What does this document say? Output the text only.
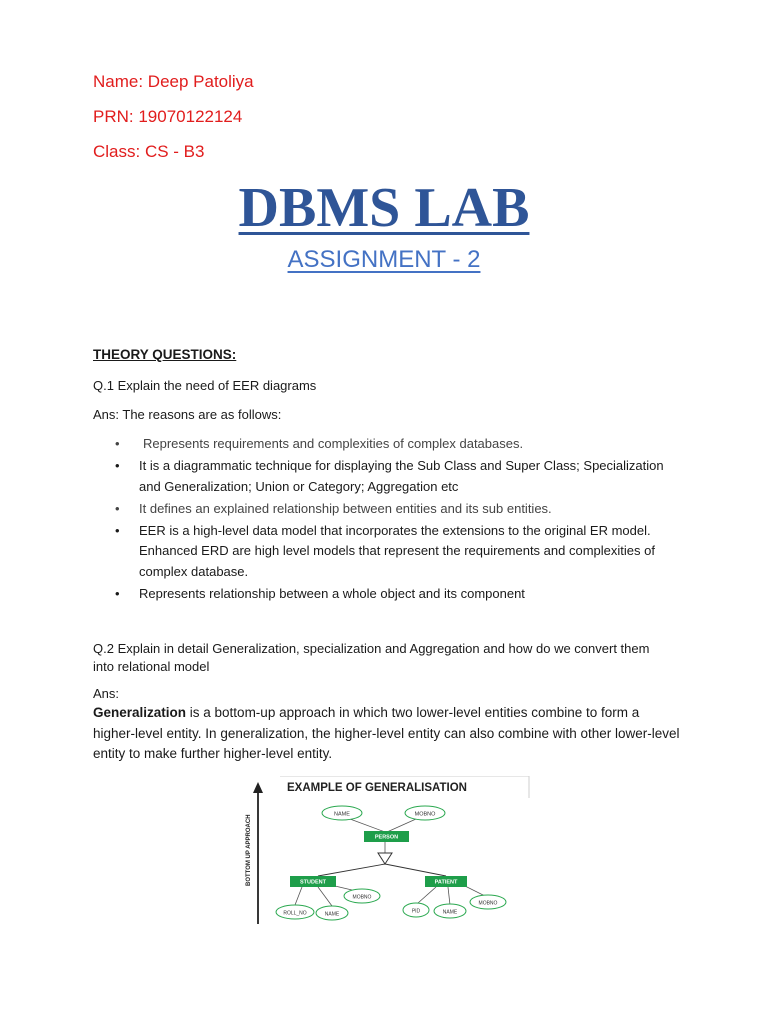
Name: Deep Patoliya
PRN: 19070122124
Class: CS - B3
DBMS LAB
ASSIGNMENT - 2
THEORY QUESTIONS:
Q.1 Explain the need of EER diagrams
Ans: The reasons are as follows:
• Represents requirements and complexities of complex databases.
• It is a diagrammatic technique for displaying the Sub Class and Super Class; Specialization and Generalization; Union or Category; Aggregation etc
• It defines an explained relationship between entities and its sub entities.
• EER is a high-level data model that incorporates the extensions to the original ER model. Enhanced ERD are high level models that represent the requirements and complexities of complex database.
• Represents relationship between a whole object and its component
Q.2 Explain in detail Generalization, specialization and Aggregation and how do we convert them into relational model
Ans:
Generalization is a bottom-up approach in which two lower-level entities combine to form a higher-level entity. In generalization, the higher-level entity can also combine with other lower-level entity to make further higher-level entity.
EXAMPLE OF GENERALISATION
BOTTOM UP APPROACH	NAME	MOBNO
PERSON
STUDENT	PATIENT
ROLL_NO	NAME
MOBNO
PID	NAME
MOBNO
